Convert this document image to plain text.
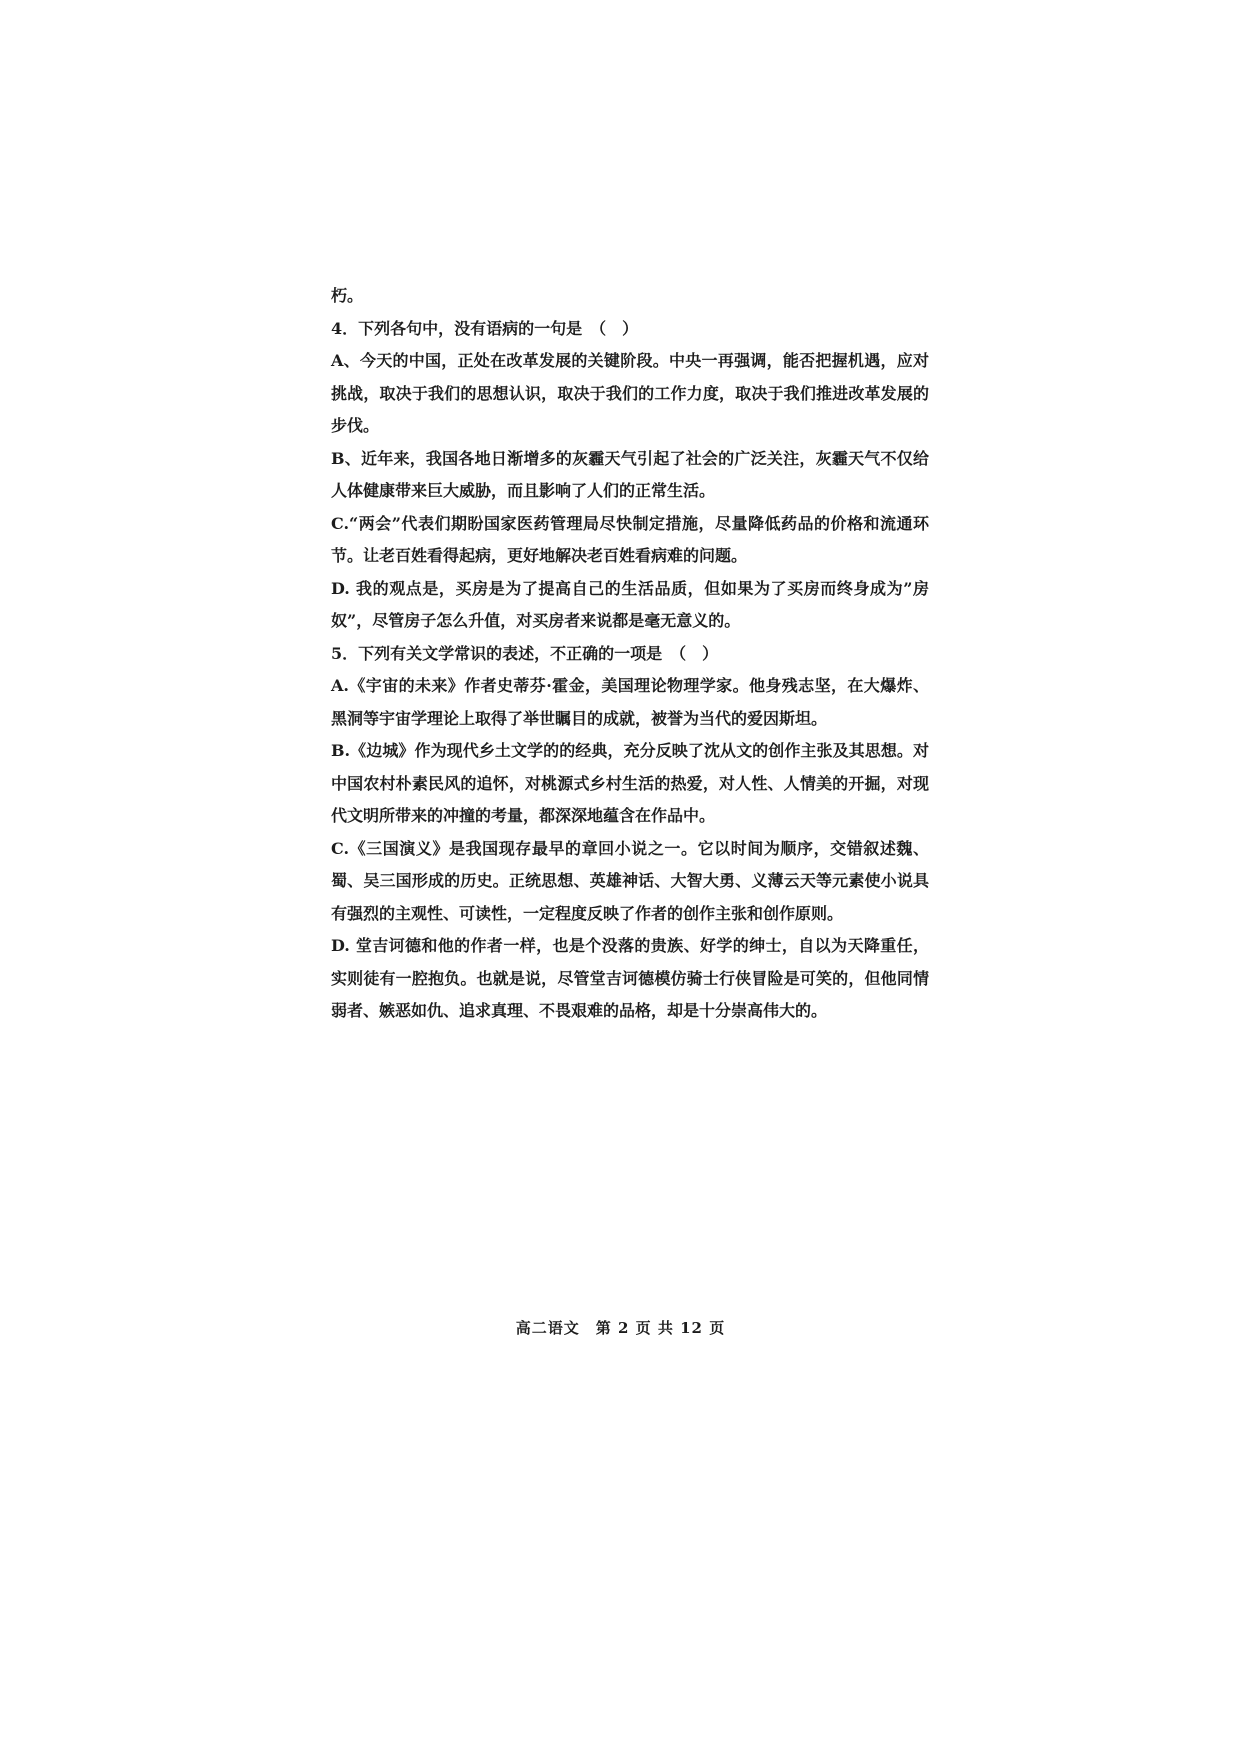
朽。

4．下列各句中，没有语病的一句是　（　）

A、今天的中国，正处在改革发展的关键阶段。中央一再强调，能否把握机遇，应对挑战，取决于我们的思想认识，取决于我们的工作力度，取决于我们推进改革发展的步伐。

B、近年来，我国各地日渐增多的灰霾天气引起了社会的广泛关注，灰霾天气不仅给人体健康带来巨大威胁，而且影响了人们的正常生活。

C.“两会”代表们期盼国家医药管理局尽快制定措施，尽量降低药品的价格和流通环节。让老百姓看得起病，更好地解决老百姓看病难的问题。

D. 我的观点是，买房是为了提高自己的生活品质，但如果为了买房而终身成为”房奴”，尽管房子怎么升值，对买房者来说都是毫无意义的。

5．下列有关文学常识的表述，不正确的一项是　（　）

A.《宇宙的未来》作者史蒂芬·霍金，美国理论物理学家。他身残志坚，在大爆炸、黑洞等宇宙学理论上取得了举世瞩目的成就，被誉为当代的爱因斯坦。

B.《边城》作为现代乡土文学的的经典，充分反映了沈从文的创作主张及其思想。对中国农村朴素民风的追怀，对桃源式乡村生活的热爱，对人性、人情美的开掘，对现代文明所带来的冲撞的考量，都深深地蕴含在作品中。

C.《三国演义》是我国现存最早的章回小说之一。它以时间为顺序，交错叙述魏、蜀、吴三国形成的历史。正统思想、英雄神话、大智大勇、义薄云天等元素使小说具有强烈的主观性、可读性，一定程度反映了作者的创作主张和创作原则。

D. 堂吉诃德和他的作者一样，也是个没落的贵族、好学的绅士，自以为天降重任，实则徒有一腔抱负。也就是说，尽管堂吉诃德模仿骑士行侠冒险是可笑的，但他同情弱者、嫉恶如仇、追求真理、不畏艰难的品格，却是十分崇高伟大的。

高二语文　第 2 页 共 12 页
